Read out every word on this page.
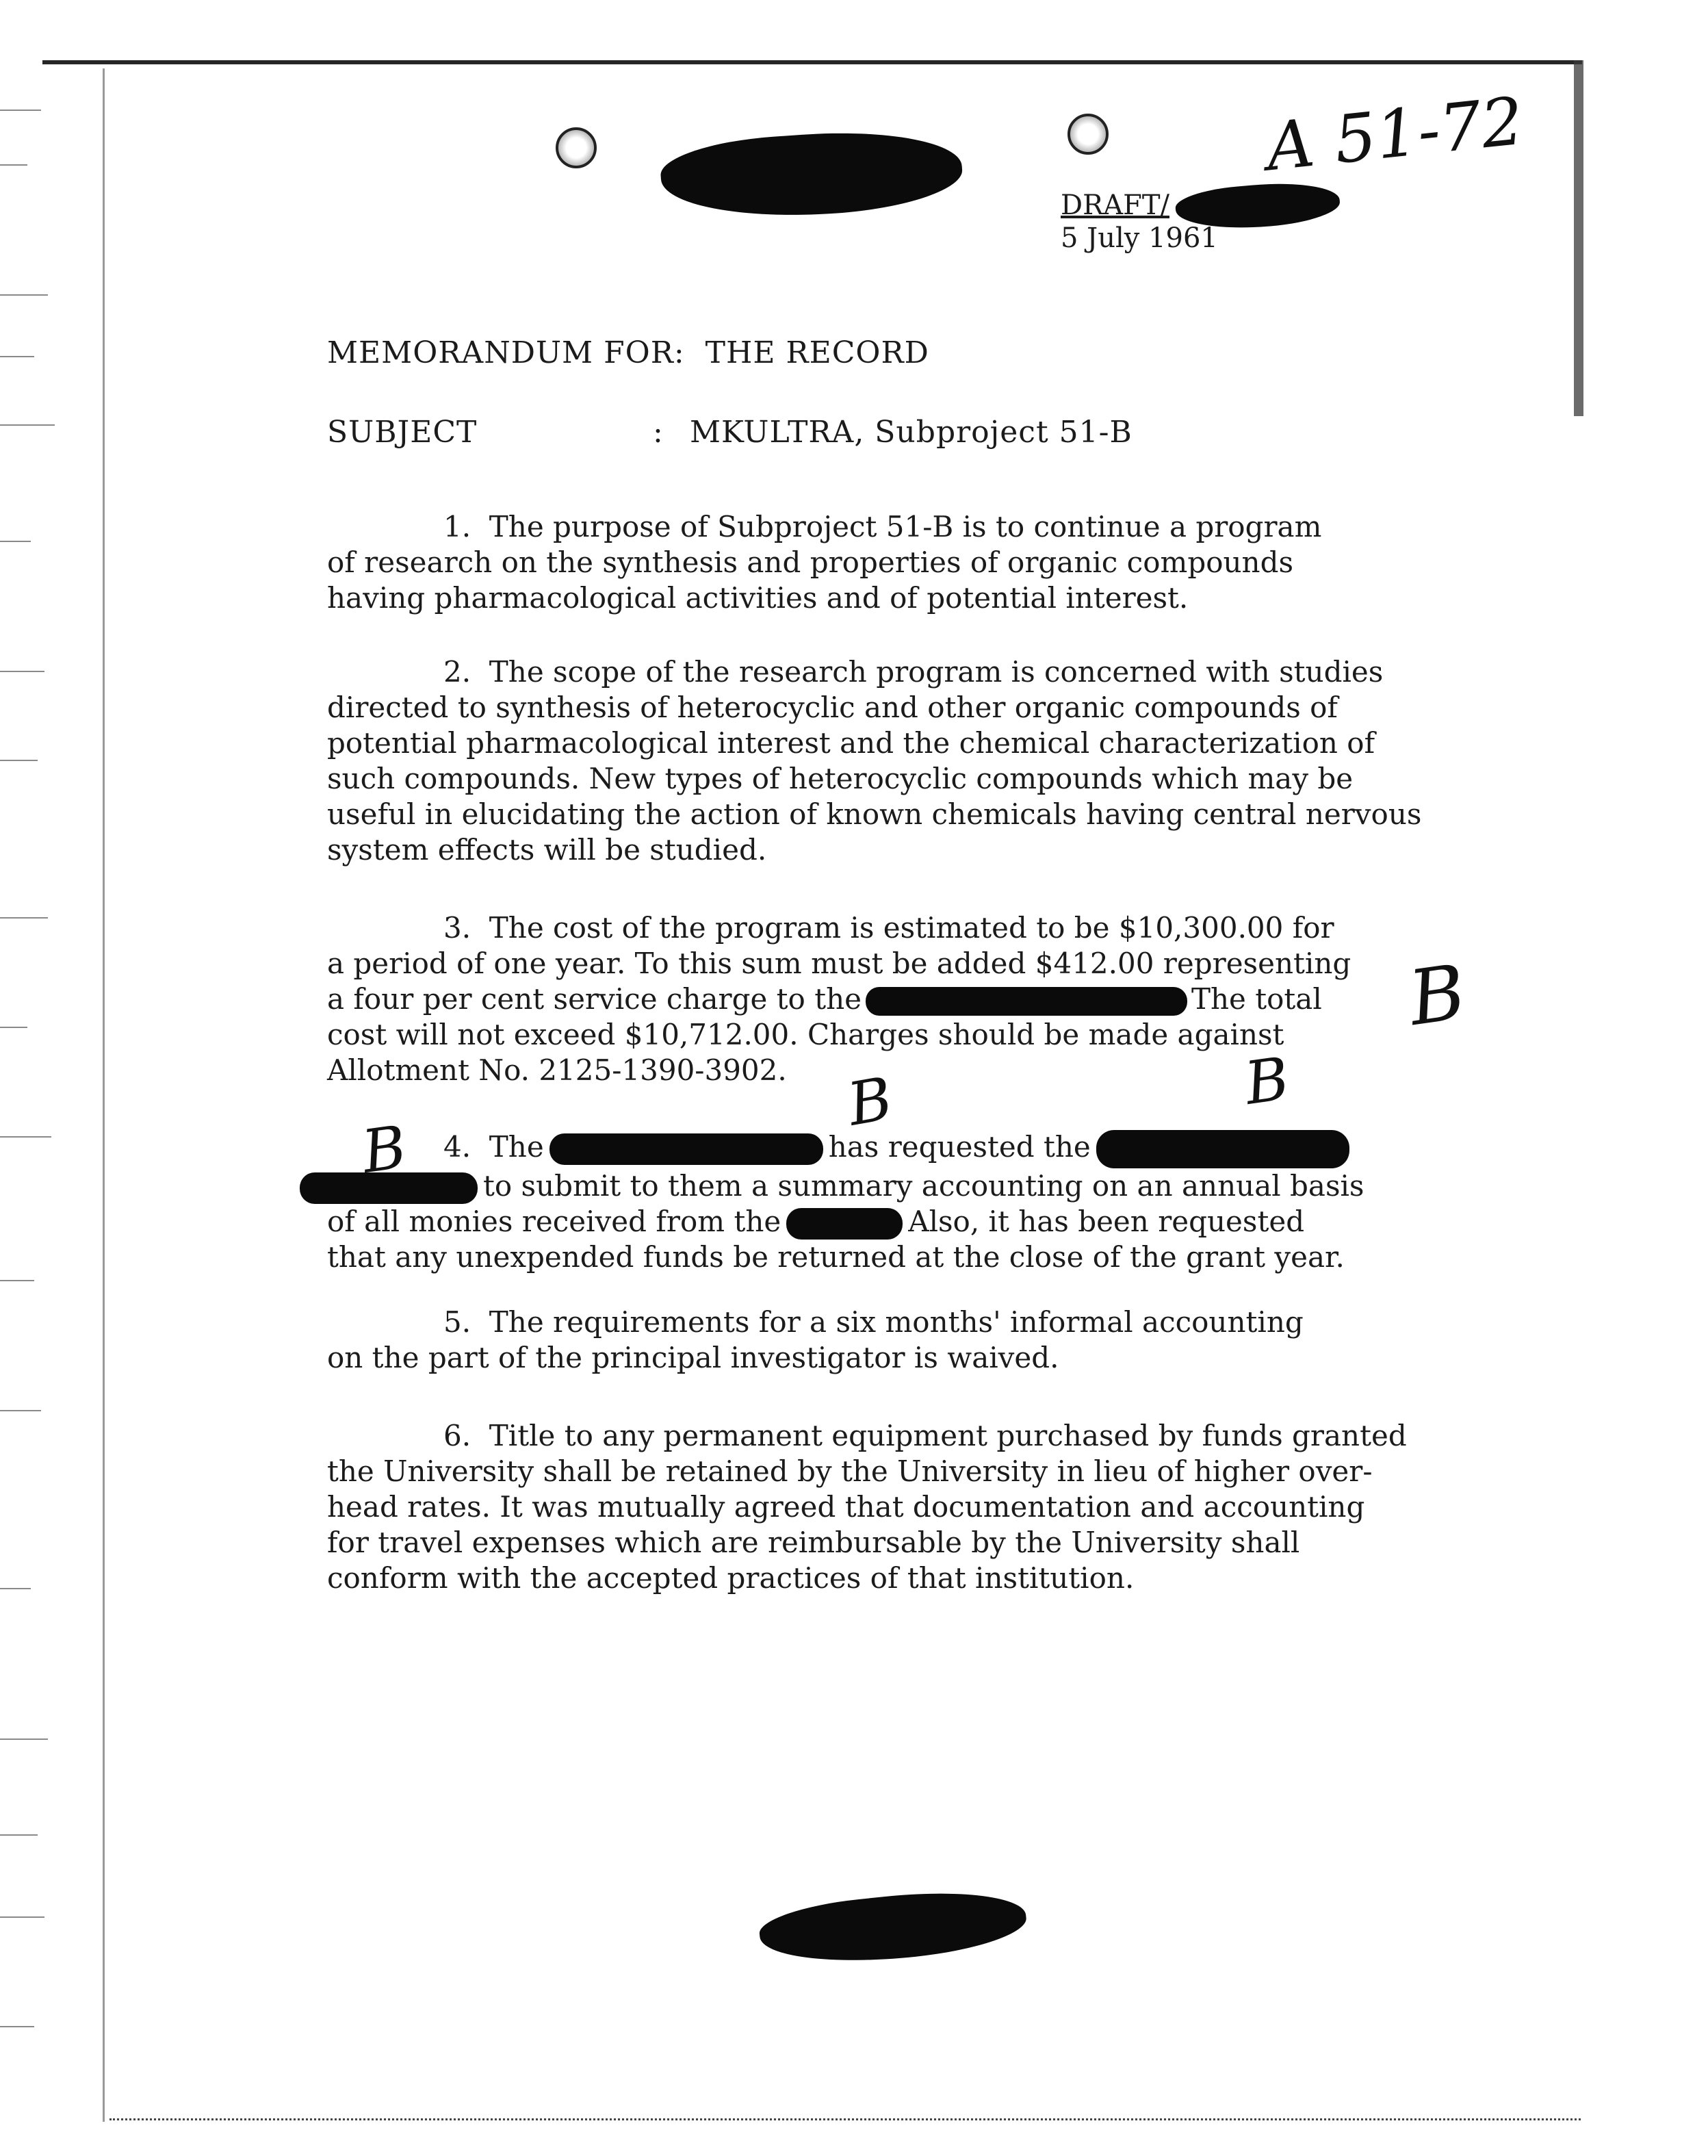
A 51-72
DRAFT/
5 July 1961
MEMORANDUM FOR: THE RECORD
SUBJECT	: MKULTRA, Subproject 51-B
1. The purpose of Subproject 51-B is to continue a program
of research on the synthesis and properties of organic compounds
having pharmacological activities and of potential interest.
2. The scope of the research program is concerned with studies
directed to synthesis of heterocyclic and other organic compounds of
potential pharmacological interest and the chemical characterization of
such compounds. New types of heterocyclic compounds which may be
useful in elucidating the action of known chemicals having central nervous
system effects will be studied.
3. The cost of the program is estimated to be $10,300.00 for
a period of one year. To this sum must be added $412.00 representing
a four per cent service charge to the	The total
cost will not exceed $10,712.00. Charges should be made against
Allotment No. 2125-1390-3902.
4. The	has requested the
to submit to them a summary accounting on an annual basis
of all monies received from the	Also, it has been requested
that any unexpended funds be returned at the close of the grant year.
5. The requirements for a six months' informal accounting
on the part of the principal investigator is waived.
6. Title to any permanent equipment purchased by funds granted
the University shall be retained by the University in lieu of higher over-
head rates. It was mutually agreed that documentation and accounting
for travel expenses which are reimbursable by the University shall
conform with the accepted practices of that institution.
B
B	B
B
